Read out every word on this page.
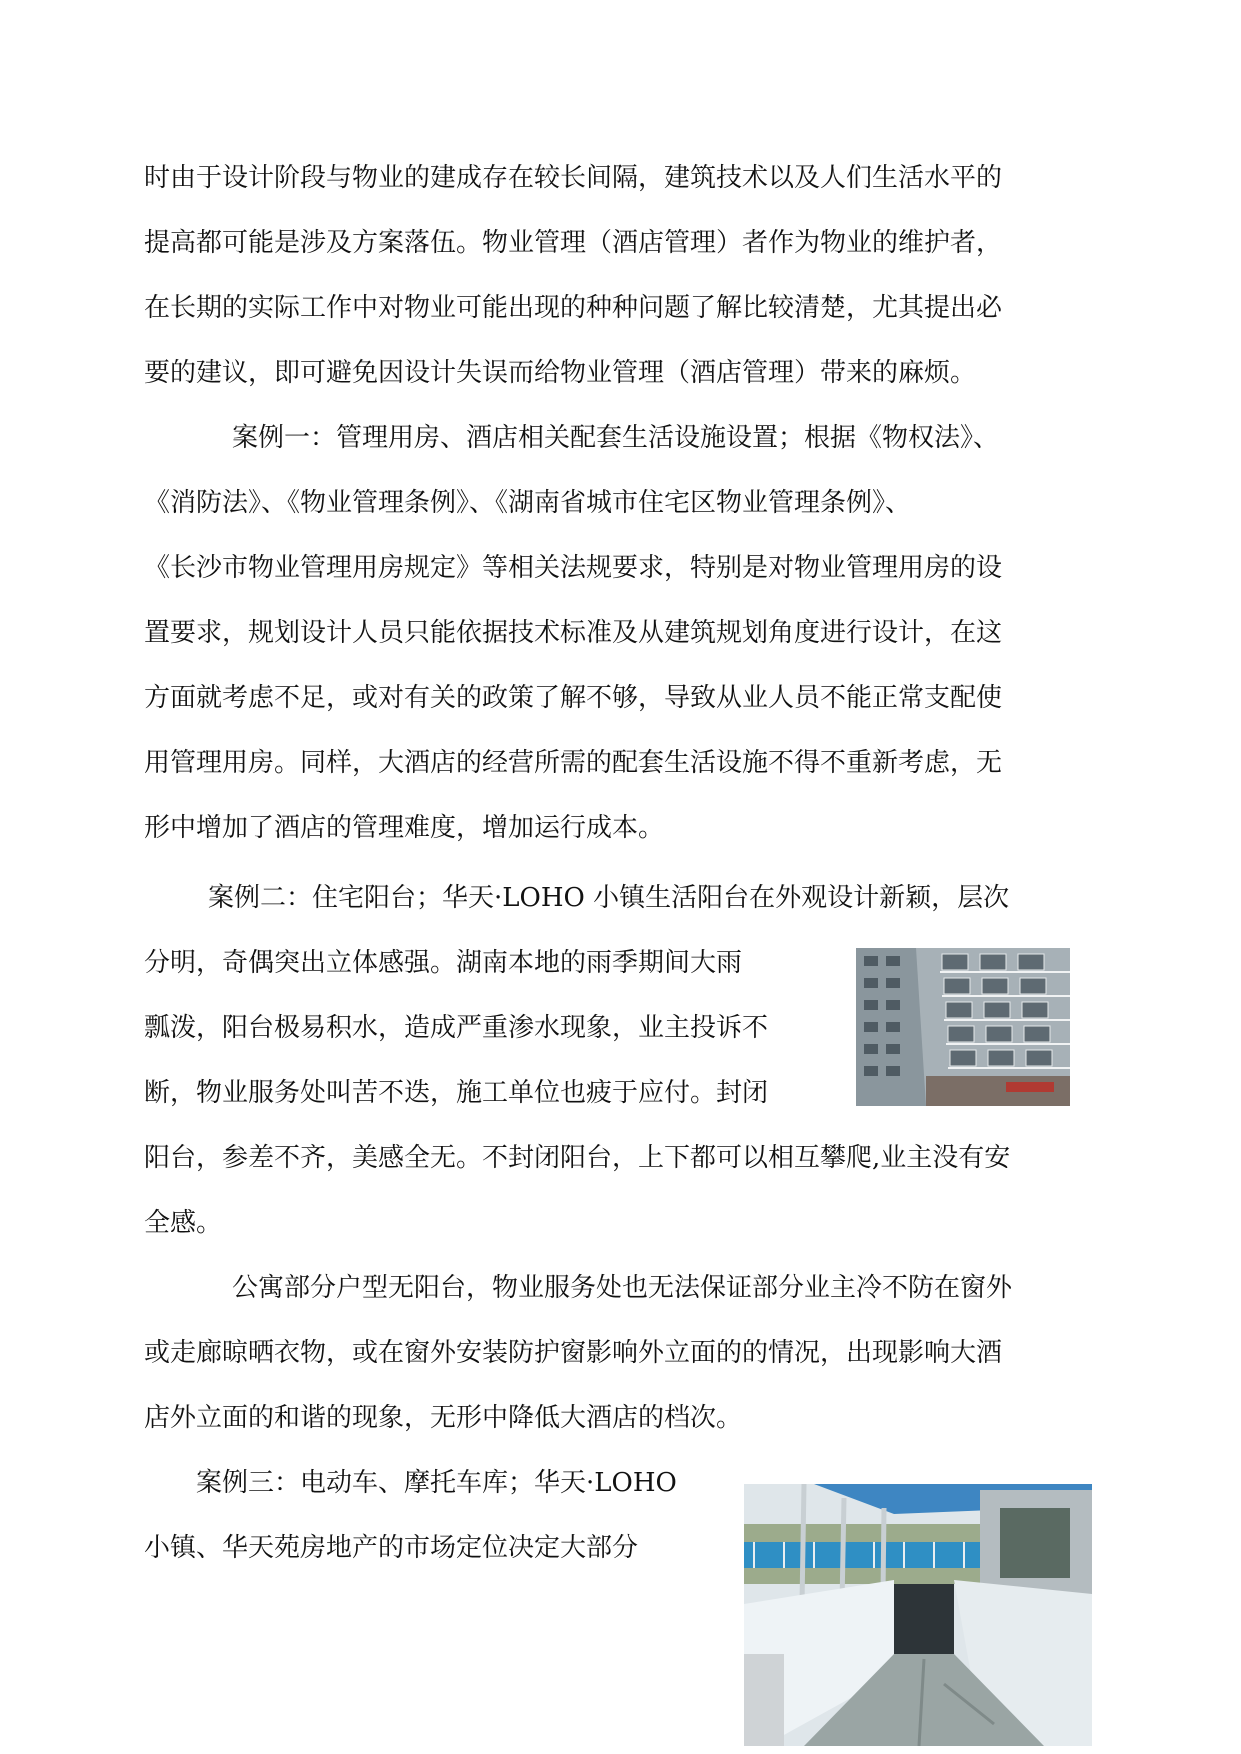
时由于设计阶段与物业的建成存在较长间隔，建筑技术以及人们生活水平的
提高都可能是涉及方案落伍。物业管理（酒店管理）者作为物业的维护者，
在长期的实际工作中对物业可能出现的种种问题了解比较清楚，尤其提出必
要的建议，即可避免因设计失误而给物业管理（酒店管理）带来的麻烦。
案例一：管理用房、酒店相关配套生活设施设置；根据《物权法》、
《消防法》、《物业管理条例》、《湖南省城市住宅区物业管理条例》、
《长沙市物业管理用房规定》等相关法规要求，特别是对物业管理用房的设
置要求，规划设计人员只能依据技术标准及从建筑规划角度进行设计，在这
方面就考虑不足，或对有关的政策了解不够，导致从业人员不能正常支配使
用管理用房。同样，大酒店的经营所需的配套生活设施不得不重新考虑，无
形中增加了酒店的管理难度，增加运行成本。
案例二：住宅阳台；华天·LOHO 小镇生活阳台在外观设计新颖，层次
分明，奇偶突出立体感强。湖南本地的雨季期间大雨
瓢泼，阳台极易积水，造成严重渗水现象，业主投诉不
断，物业服务处叫苦不迭，施工单位也疲于应付。封闭
阳台，参差不齐，美感全无。不封闭阳台，上下都可以相互攀爬,业主没有安
全感。
公寓部分户型无阳台，物业服务处也无法保证部分业主冷不防在窗外
或走廊晾晒衣物，或在窗外安装防护窗影响外立面的的情况，出现影响大酒
店外立面的和谐的现象，无形中降低大酒店的档次。
案例三：电动车、摩托车库；华天·LOHO
小镇、华天苑房地产的市场定位决定大部分
